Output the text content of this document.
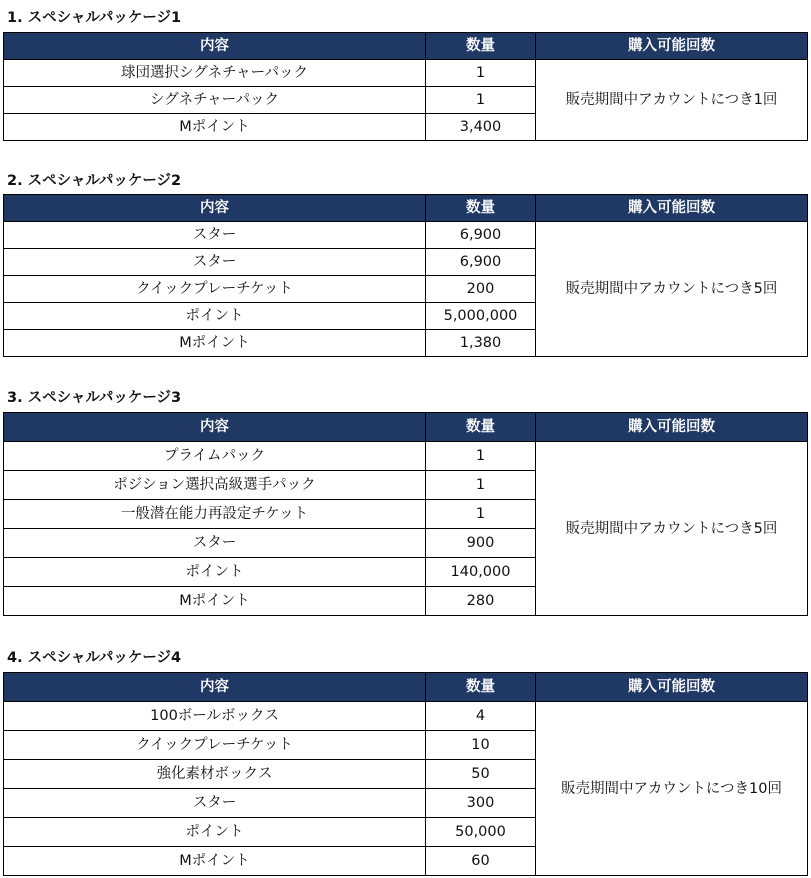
1. スペシャルパッケージ1
内容	数量	購入可能回数
球団選択シグネチャーパック	1	販売期間中アカウントにつき1回
シグネチャーパック	1	
Mポイント	3,400	
2. スペシャルパッケージ2
内容	数量	購入可能回数
スター	6,900	販売期間中アカウントにつき5回
スター	6,900	
クイックプレーチケット	200	
ポイント	5,000,000	
Mポイント	1,380	
3. スペシャルパッケージ3
内容	数量	購入可能回数
プライムパック	1	販売期間中アカウントにつき5回
ポジション選択高級選手パック	1	
一般潜在能力再設定チケット	1	
スター	900	
ポイント	140,000	
Mポイント	280	
4. スペシャルパッケージ4
内容	数量	購入可能回数
100ボールボックス	4	販売期間中アカウントにつき10回
クイックプレーチケット	10	
強化素材ボックス	50	
スター	300	
ポイント	50,000	
Mポイント	60	
